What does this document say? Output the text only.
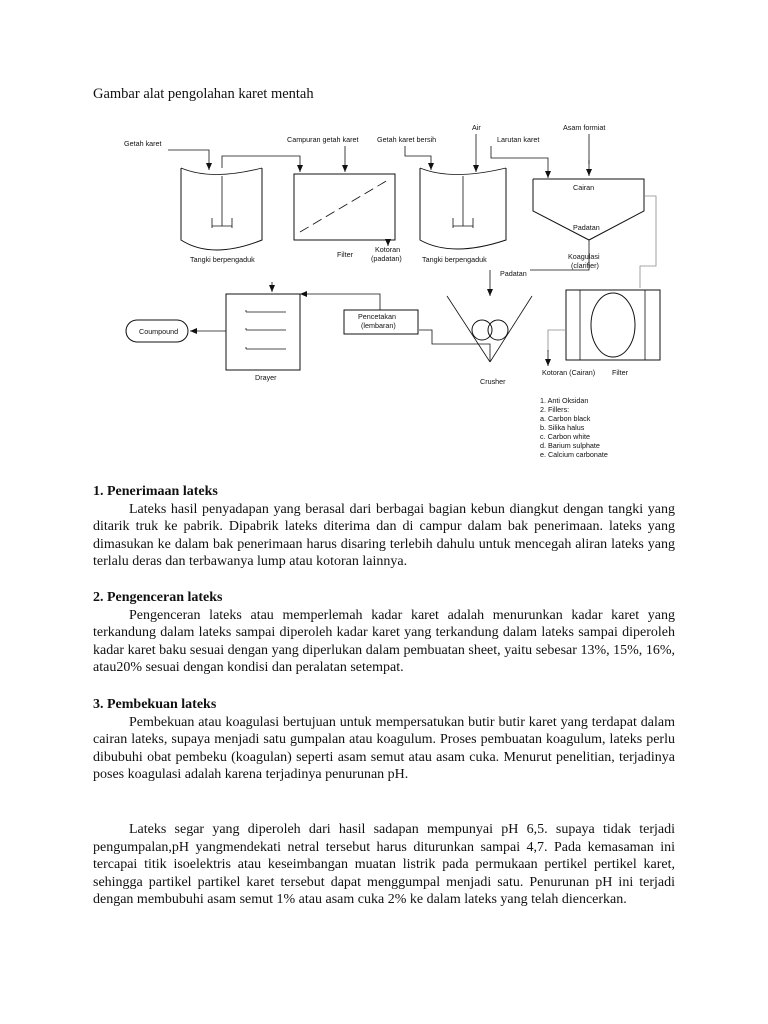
Gambar alat pengolahan karet mentah
Getah karet	Campuran getah karet	Getah karet bersih
Air
Larutan karet
Asam formiat
Tangki berpengaduk
Filter
Kotoran
(padatan)	Tangki berpengaduk
Cairan
Padatan
Koagulasi
(clarifier)
Padatan
Filter
Kotoran (Cairan)
Crusher
Pencetakan
(lembaran)
Drayer
Coumpound
1. Anti Oksidan
2. Fillers:
a. Carbon black
b. Silika halus
c. Carbon white
d. Barium sulphate
e. Calcium carbonate
1. Penerimaan lateks

Lateks hasil penyadapan yang berasal dari berbagai bagian kebun diangkut dengan tangki yang ditarik truk ke pabrik. Dipabrik lateks diterima dan di campur dalam bak penerimaan. lateks yang dimasukan ke dalam bak penerimaan harus disaring terlebih dahulu untuk mencegah aliran lateks yang terlalu deras dan terbawanya lump atau kotoran lainnya.

2. Pengenceran lateks

Pengenceran lateks atau memperlemah kadar karet adalah menurunkan kadar karet yang terkandung dalam lateks sampai diperoleh kadar karet yang terkandung dalam lateks sampai diperoleh kadar karet baku sesuai dengan yang diperlukan dalam pembuatan sheet, yaitu sebesar 13%, 15%, 16%, atau20% sesuai dengan kondisi dan peralatan setempat.

3. Pembekuan lateks

Pembekuan atau koagulasi bertujuan untuk mempersatukan butir butir karet yang terdapat dalam cairan lateks, supaya menjadi satu gumpalan atau koagulum. Proses pembuatan koagulum, lateks perlu dibubuhi obat pembeku (koagulan) seperti asam semut atau asam cuka. Menurut penelitian, terjadinya poses koagulasi adalah karena terjadinya penurunan pH.

Lateks segar yang diperoleh dari hasil sadapan mempunyai pH 6,5. supaya tidak terjadi pengumpalan,pH yangmendekati netral tersebut harus diturunkan sampai 4,7. Pada kemasaman ini tercapai titik isoelektris atau keseimbangan muatan listrik pada permukaan pertikel pertikel karet, sehingga partikel partikel karet tersebut dapat menggumpal menjadi satu. Penurunan pH ini terjadi dengan membubuhi asam semut 1% atau asam cuka 2% ke dalam lateks yang telah diencerkan.
